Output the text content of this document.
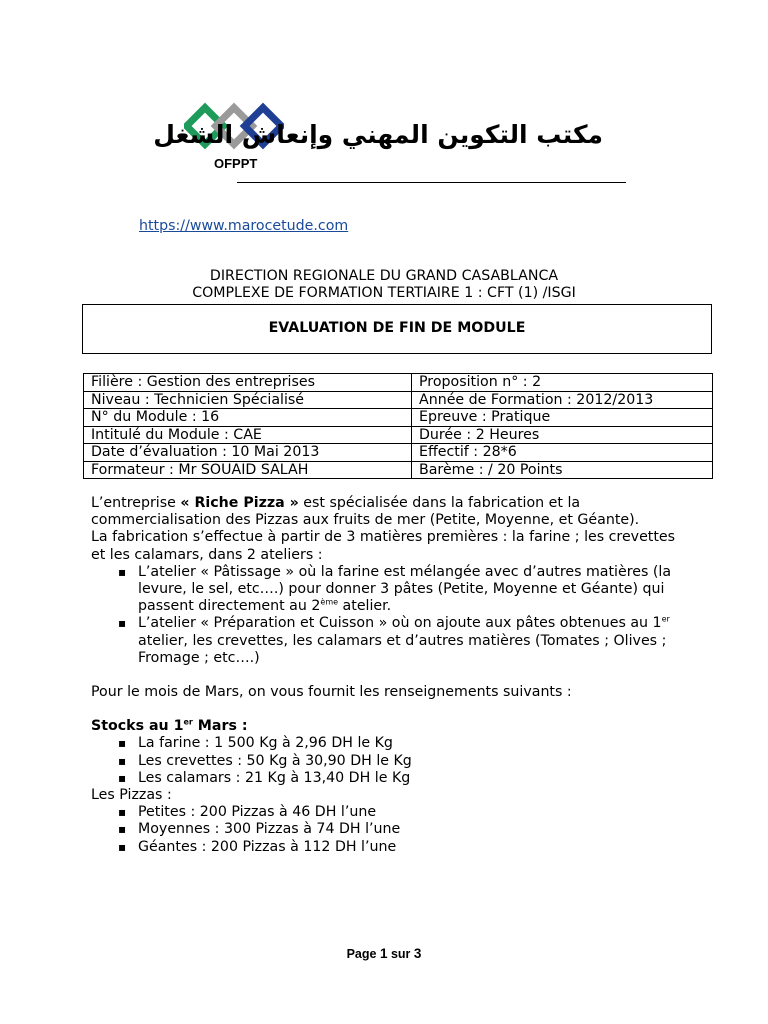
OFPPT
مكتب التكوين المهني وإنعاش الشغل
https://www.marocetude.com
DIRECTION REGIONALE DU GRAND CASABLANCA
COMPLEXE DE FORMATION TERTIAIRE 1 : CFT (1) /ISGI
EVALUATION DE FIN DE MODULE
Filière : Gestion des entreprises	Proposition n° : 2
Niveau : Technicien Spécialisé	Année de Formation : 2012/2013
N° du Module : 16	Epreuve : Pratique
Intitulé du Module : CAE	Durée : 2 Heures
Date d’évaluation : 10 Mai 2013	Effectif : 28*6
Formateur : Mr SOUAID SALAH	Barème : / 20 Points

L’entreprise « Riche Pizza » est spécialisée dans la fabrication et la commercialisation des Pizzas aux fruits de mer (Petite, Moyenne, et Géante).

La fabrication s’effectue à partir de 3 matières premières : la farine ; les crevettes et les calamars, dans 2 ateliers :

▪ L’atelier « Pâtissage » où la farine est mélangée avec d’autres matières (la levure, le sel, etc….) pour donner 3 pâtes (Petite, Moyenne et Géante) qui passent directement au 2ème atelier.
▪ L’atelier « Préparation et Cuisson » où on ajoute aux pâtes obtenues au 1er atelier, les crevettes, les calamars et d’autres matières (Tomates ; Olives ; Fromage ; etc….)

Pour le mois de Mars, on vous fournit les renseignements suivants :

Stocks au 1er Mars :

▪ La farine : 1 500 Kg à 2,96 DH le Kg
▪ Les crevettes : 50 Kg à 30,90 DH le Kg
▪ Les calamars : 21 Kg à 13,40 DH le Kg

Les Pizzas :

▪ Petites : 200 Pizzas à 46 DH l’une
▪ Moyennes : 300 Pizzas à 74 DH l’une
▪ Géantes : 200 Pizzas à 112 DH l’une
Page 1 sur 3
